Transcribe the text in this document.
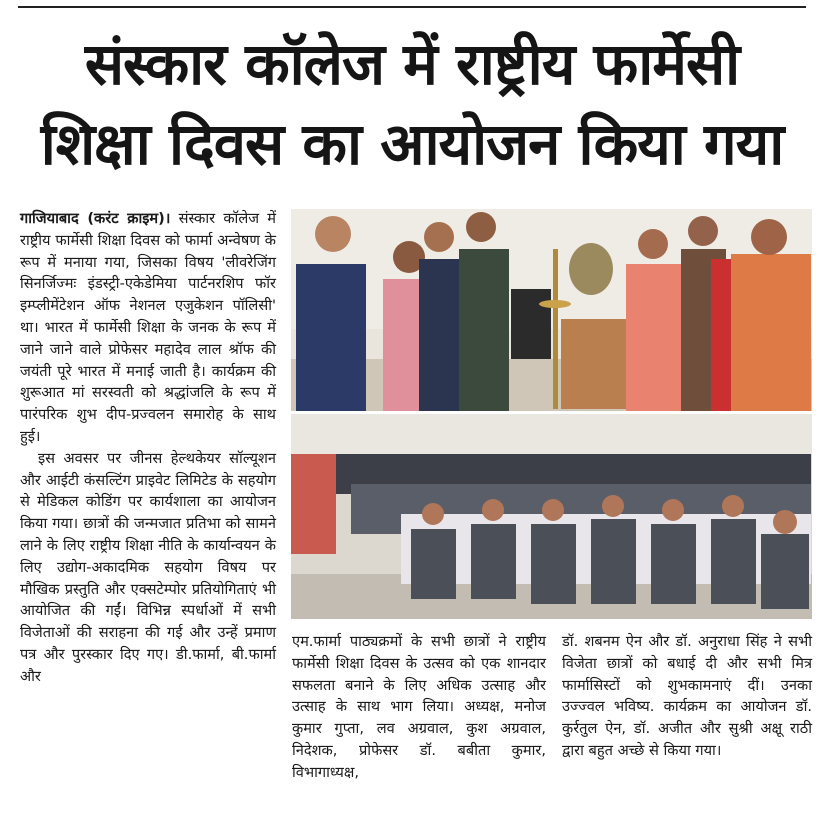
संस्कार कॉलेज में राष्ट्रीय फार्मेसी
शिक्षा दिवस का आयोजन किया गया

गाजियाबाद (करंट क्राइम)। संस्कार कॉलेज में राष्ट्रीय फार्मेसी शिक्षा दिवस को फार्मा अन्वेषण के रूप में मनाया गया, जिसका विषय 'लीवरेजिंग सिनर्जिज्मः इंडस्ट्री-एकेडेमिया पार्टनरशिप फॉर इम्प्लीमेंटेशन ऑफ नेशनल एजुकेशन पॉलिसी' था। भारत में फार्मेसी शिक्षा के जनक के रूप में जाने जाने वाले प्रोफेसर महादेव लाल श्रॉफ की जयंती पूरे भारत में मनाई जाती है। कार्यक्रम की शुरूआत मां सरस्वती को श्रद्धांजलि के रूप में पारंपरिक शुभ दीप-प्रज्वलन समारोह के साथ हुई।

इस अवसर पर जीनस हेल्थकेयर सॉल्यूशन और आईटी कंसल्टिंग प्राइवेट लिमिटेड के सहयोग से मेडिकल कोडिंग पर कार्यशाला का आयोजन किया गया। छात्रों की जन्मजात प्रतिभा को सामने लाने के लिए राष्ट्रीय शिक्षा नीति के कार्यान्वयन के लिए उद्योग-अकादमिक सहयोग विषय पर मौखिक प्रस्तुति और एक्सटेम्पोर प्रतियोगिताएं भी आयोजित की गईं। विभिन्न स्पर्धाओं में सभी विजेताओं की सराहना की गई और उन्हें प्रमाण पत्र और पुरस्कार दिए गए। डी.फार्मा, बी.फार्मा और

एम.फार्मा पाठ्यक्रमों के सभी छात्रों ने राष्ट्रीय फार्मेसी शिक्षा दिवस के उत्सव को एक शानदार सफलता बनाने के लिए अधिक उत्साह और उत्साह के साथ भाग लिया। अध्यक्ष, मनोज कुमार गुप्ता, लव अग्रवाल, कुश अग्रवाल, निदेशक, प्रोफेसर डॉ. बबीता कुमार, विभागाध्यक्ष,

डॉ. शबनम ऐन और डॉ. अनुराधा सिंह ने सभी विजेता छात्रों को बधाई दी और सभी मित्र फार्मासिस्टों को शुभकामनाएं दीं। उनका उज्ज्वल भविष्य. कार्यक्रम का आयोजन डॉ. कुर्रतुल ऐन, डॉ. अजीत और सुश्री अक्षू राठी द्वारा बहुत अच्छे से किया गया।
